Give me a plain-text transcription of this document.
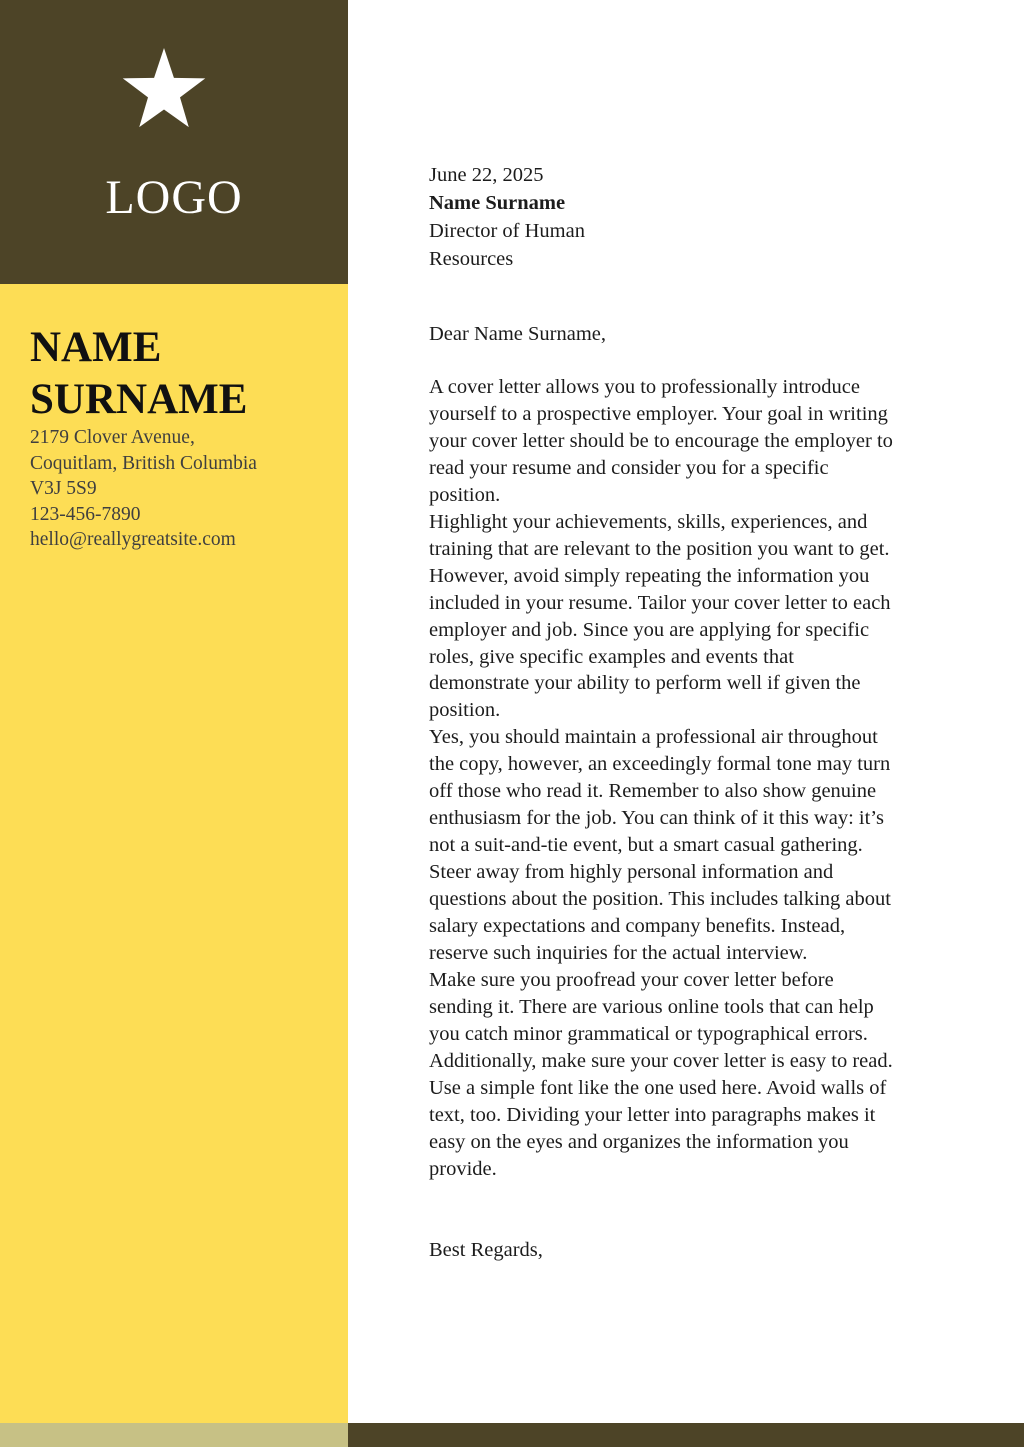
LOGO
NAME
SURNAME
2179 Clover Avenue,
Coquitlam, British Columbia
V3J 5S9
123-456-7890
hello@reallygreatsite.com
June 22, 2025
Name Surname
Director of Human
Resources
Dear Name Surname,

A cover letter allows you to professionally introduce yourself to a prospective employer. Your goal in writing your cover letter should be to encourage the employer to read your resume and consider you for a specific position.

Highlight your achievements, skills, experiences, and training that are relevant to the position you want to get. However, avoid simply repeating the information you included in your resume. Tailor your cover letter to each employer and job. Since you are applying for specific roles, give specific examples and events that demonstrate your ability to perform well if given the position.

Yes, you should maintain a professional air throughout the copy, however, an exceedingly formal tone may turn off those who read it. Remember to also show genuine enthusiasm for the job. You can think of it this way: it’s not a suit-and-tie event, but a smart casual gathering. Steer away from highly personal information and questions about the position. This includes talking about salary expectations and company benefits. Instead, reserve such inquiries for the actual interview.

Make sure you proofread your cover letter before sending it. There are various online tools that can help you catch minor grammatical or typographical errors. Additionally, make sure your cover letter is easy to read. Use a simple font like the one used here. Avoid walls of text, too. Dividing your letter into paragraphs makes it easy on the eyes and organizes the information you provide.

Best Regards,
